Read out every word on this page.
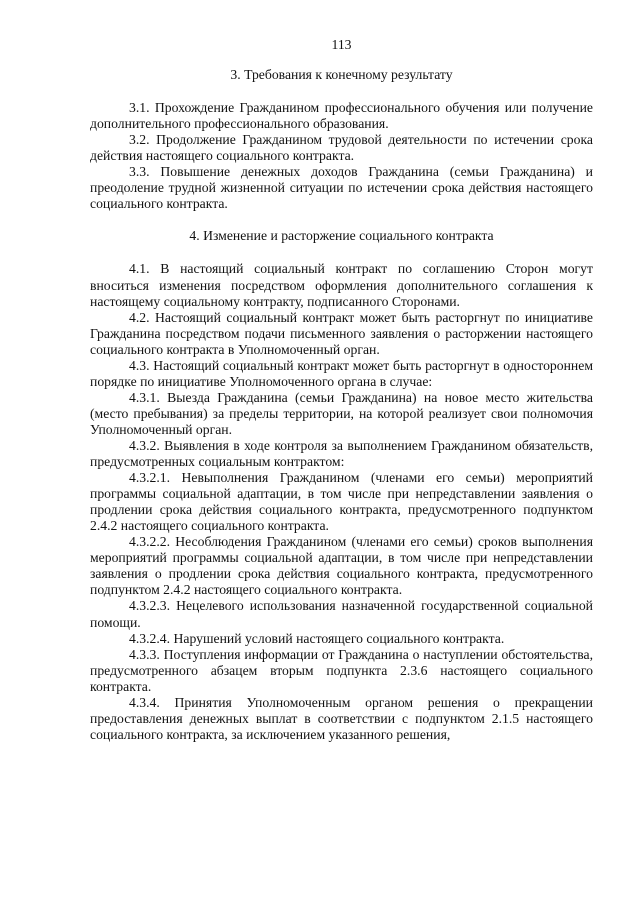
113
3. Требования к конечному результату

3.1. Прохождение Гражданином профессионального обучения или получение дополнительного профессионального образования.

3.2. Продолжение Гражданином трудовой деятельности по истечении срока действия настоящего социального контракта.

3.3. Повышение денежных доходов Гражданина (семьи Гражданина) и преодоление трудной жизненной ситуации по истечении срока действия настоящего социального контракта.

4. Изменение и расторжение социального контракта

4.1. В настоящий социальный контракт по соглашению Сторон могут вноситься изменения посредством оформления дополнительного соглашения к настоящему социальному контракту, подписанного Сторонами.

4.2. Настоящий социальный контракт может быть расторгнут по инициативе Гражданина посредством подачи письменного заявления о расторжении настоящего социального контракта в Уполномоченный орган.

4.3. Настоящий социальный контракт может быть расторгнут в одностороннем порядке по инициативе Уполномоченного органа в случае:

4.3.1. Выезда Гражданина (семьи Гражданина) на новое место жительства (место пребывания) за пределы территории, на которой реализует свои полномочия Уполномоченный орган.

4.3.2. Выявления в ходе контроля за выполнением Гражданином обязательств, предусмотренных социальным контрактом:

4.3.2.1. Невыполнения Гражданином (членами его семьи) мероприятий программы социальной адаптации, в том числе при непредставлении заявления о продлении срока действия социального контракта, предусмотренного подпунктом 2.4.2 настоящего социального контракта.

4.3.2.2. Несоблюдения Гражданином (членами его семьи) сроков выполнения мероприятий программы социальной адаптации, в том числе при непредставлении заявления о продлении срока действия социального контракта, предусмотренного подпунктом 2.4.2 настоящего социального контракта.

4.3.2.3. Нецелевого использования назначенной государственной социальной помощи.

4.3.2.4. Нарушений условий настоящего социального контракта.

4.3.3. Поступления информации от Гражданина о наступлении обстоятельства, предусмотренного абзацем вторым подпункта 2.3.6 настоящего социального контракта.

4.3.4. Принятия Уполномоченным органом решения о прекращении предоставления денежных выплат в соответствии с подпунктом 2.1.5 настоящего социального контракта, за исключением указанного решения,
